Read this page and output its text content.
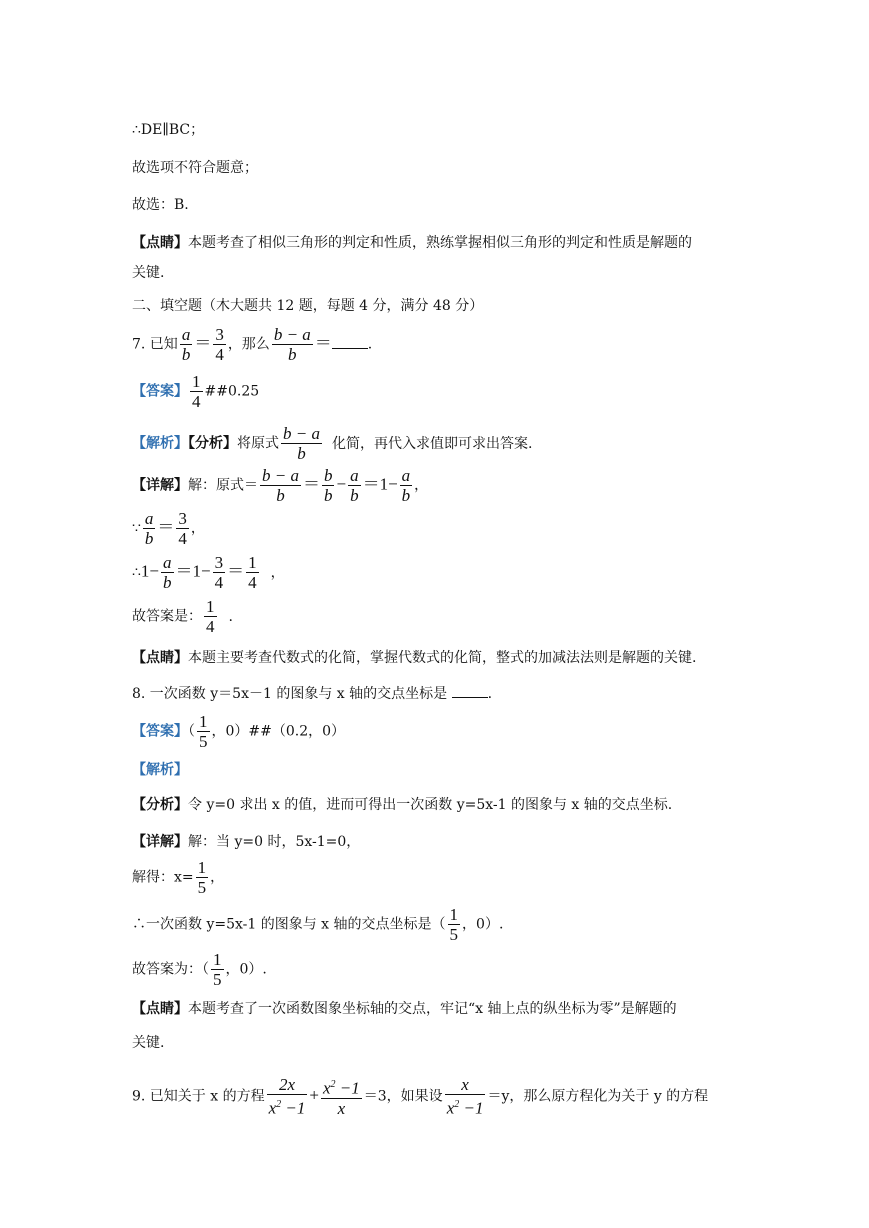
∴DE∥BC；
故选项不符合题意；
故选：B.
【点睛】本题考查了相似三角形的判定和性质，熟练掌握相似三角形的判定和性质是解题的
关键.
二、填空题（木大题共 12 题，每题 4 分，满分 48 分）
7. 已知 $\frac{a}{b} = \frac{3}{4}$ ，那么 $\frac{b - a}{b}$ ＝	.
【答案】 $\frac{1}{4}$ ##0.25
【解析】【分析】将原式 $\frac{b - a}{b}$ 化简，再代入求值即可求出答案.
【详解】解：原式＝ $\frac{b - a}{b} = \frac{b}{b} - \frac{a}{b} =1- \frac{a}{b}$ ，
∵ $\frac{a}{b} = \frac{3}{4}$ ，
∴1− $\frac{a}{b} =1- \frac{3}{4} = \frac{1}{4}$ ，
故答案是： $\frac{1}{4}$ .
【点睛】本题主要考查代数式的化简，掌握代数式的化简，整式的加减法法则是解题的关键.
8. 一次函数 y＝5x－1 的图象与 x 轴的交点坐标是	.
【答案】（ $\frac{1}{5}$ ，0）##（0.2，0）
【解析】
【分析】令 y=0 求出 x 的值，进而可得出一次函数 y=5x-1 的图象与 x 轴的交点坐标.
【详解】解：当 y=0 时，5x-1=0，
解得：$x= \frac{1}{5}$ ，
∴一次函数 y=5x-1 的图象与 x 轴的交点坐标是（ $\frac{1}{5}$ ，0）.
故答案为：（ $\frac{1}{5}$ ，0）.
【点睛】本题考查了一次函数图象坐标轴的交点，牢记“x 轴上点的纵坐标为零”是解题的
关键.
9. 已知关于 x 的方程 $\frac{2x}{x^2 -1} + \frac{x^2 -1}{x} =3$，如果设 $\frac{x}{x^2 -1} =y$，那么原方程化为关于 y 的方程
